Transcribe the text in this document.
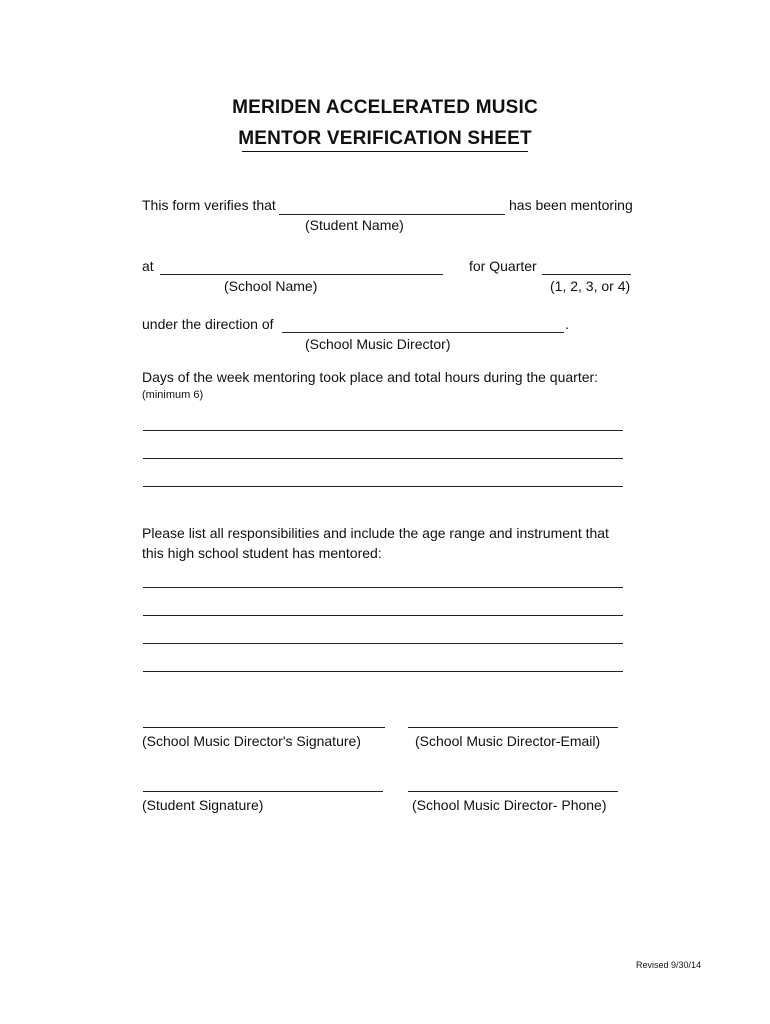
MERIDEN ACCELERATED MUSIC
MENTOR VERIFICATION SHEET
This form verifies that	has been mentoring
(Student Name)
at	for Quarter
(School Name)	(1, 2, 3, or 4)
under the direction of	.
(School Music Director)
Days of the week mentoring took place and total hours during the quarter:
(minimum 6)
Please list all responsibilities and include the age range and instrument that
this high school student has mentored:
(School Music Director's Signature)	(School Music Director-Email)
(Student Signature)	(School Music Director- Phone)
Revised 9/30/14
